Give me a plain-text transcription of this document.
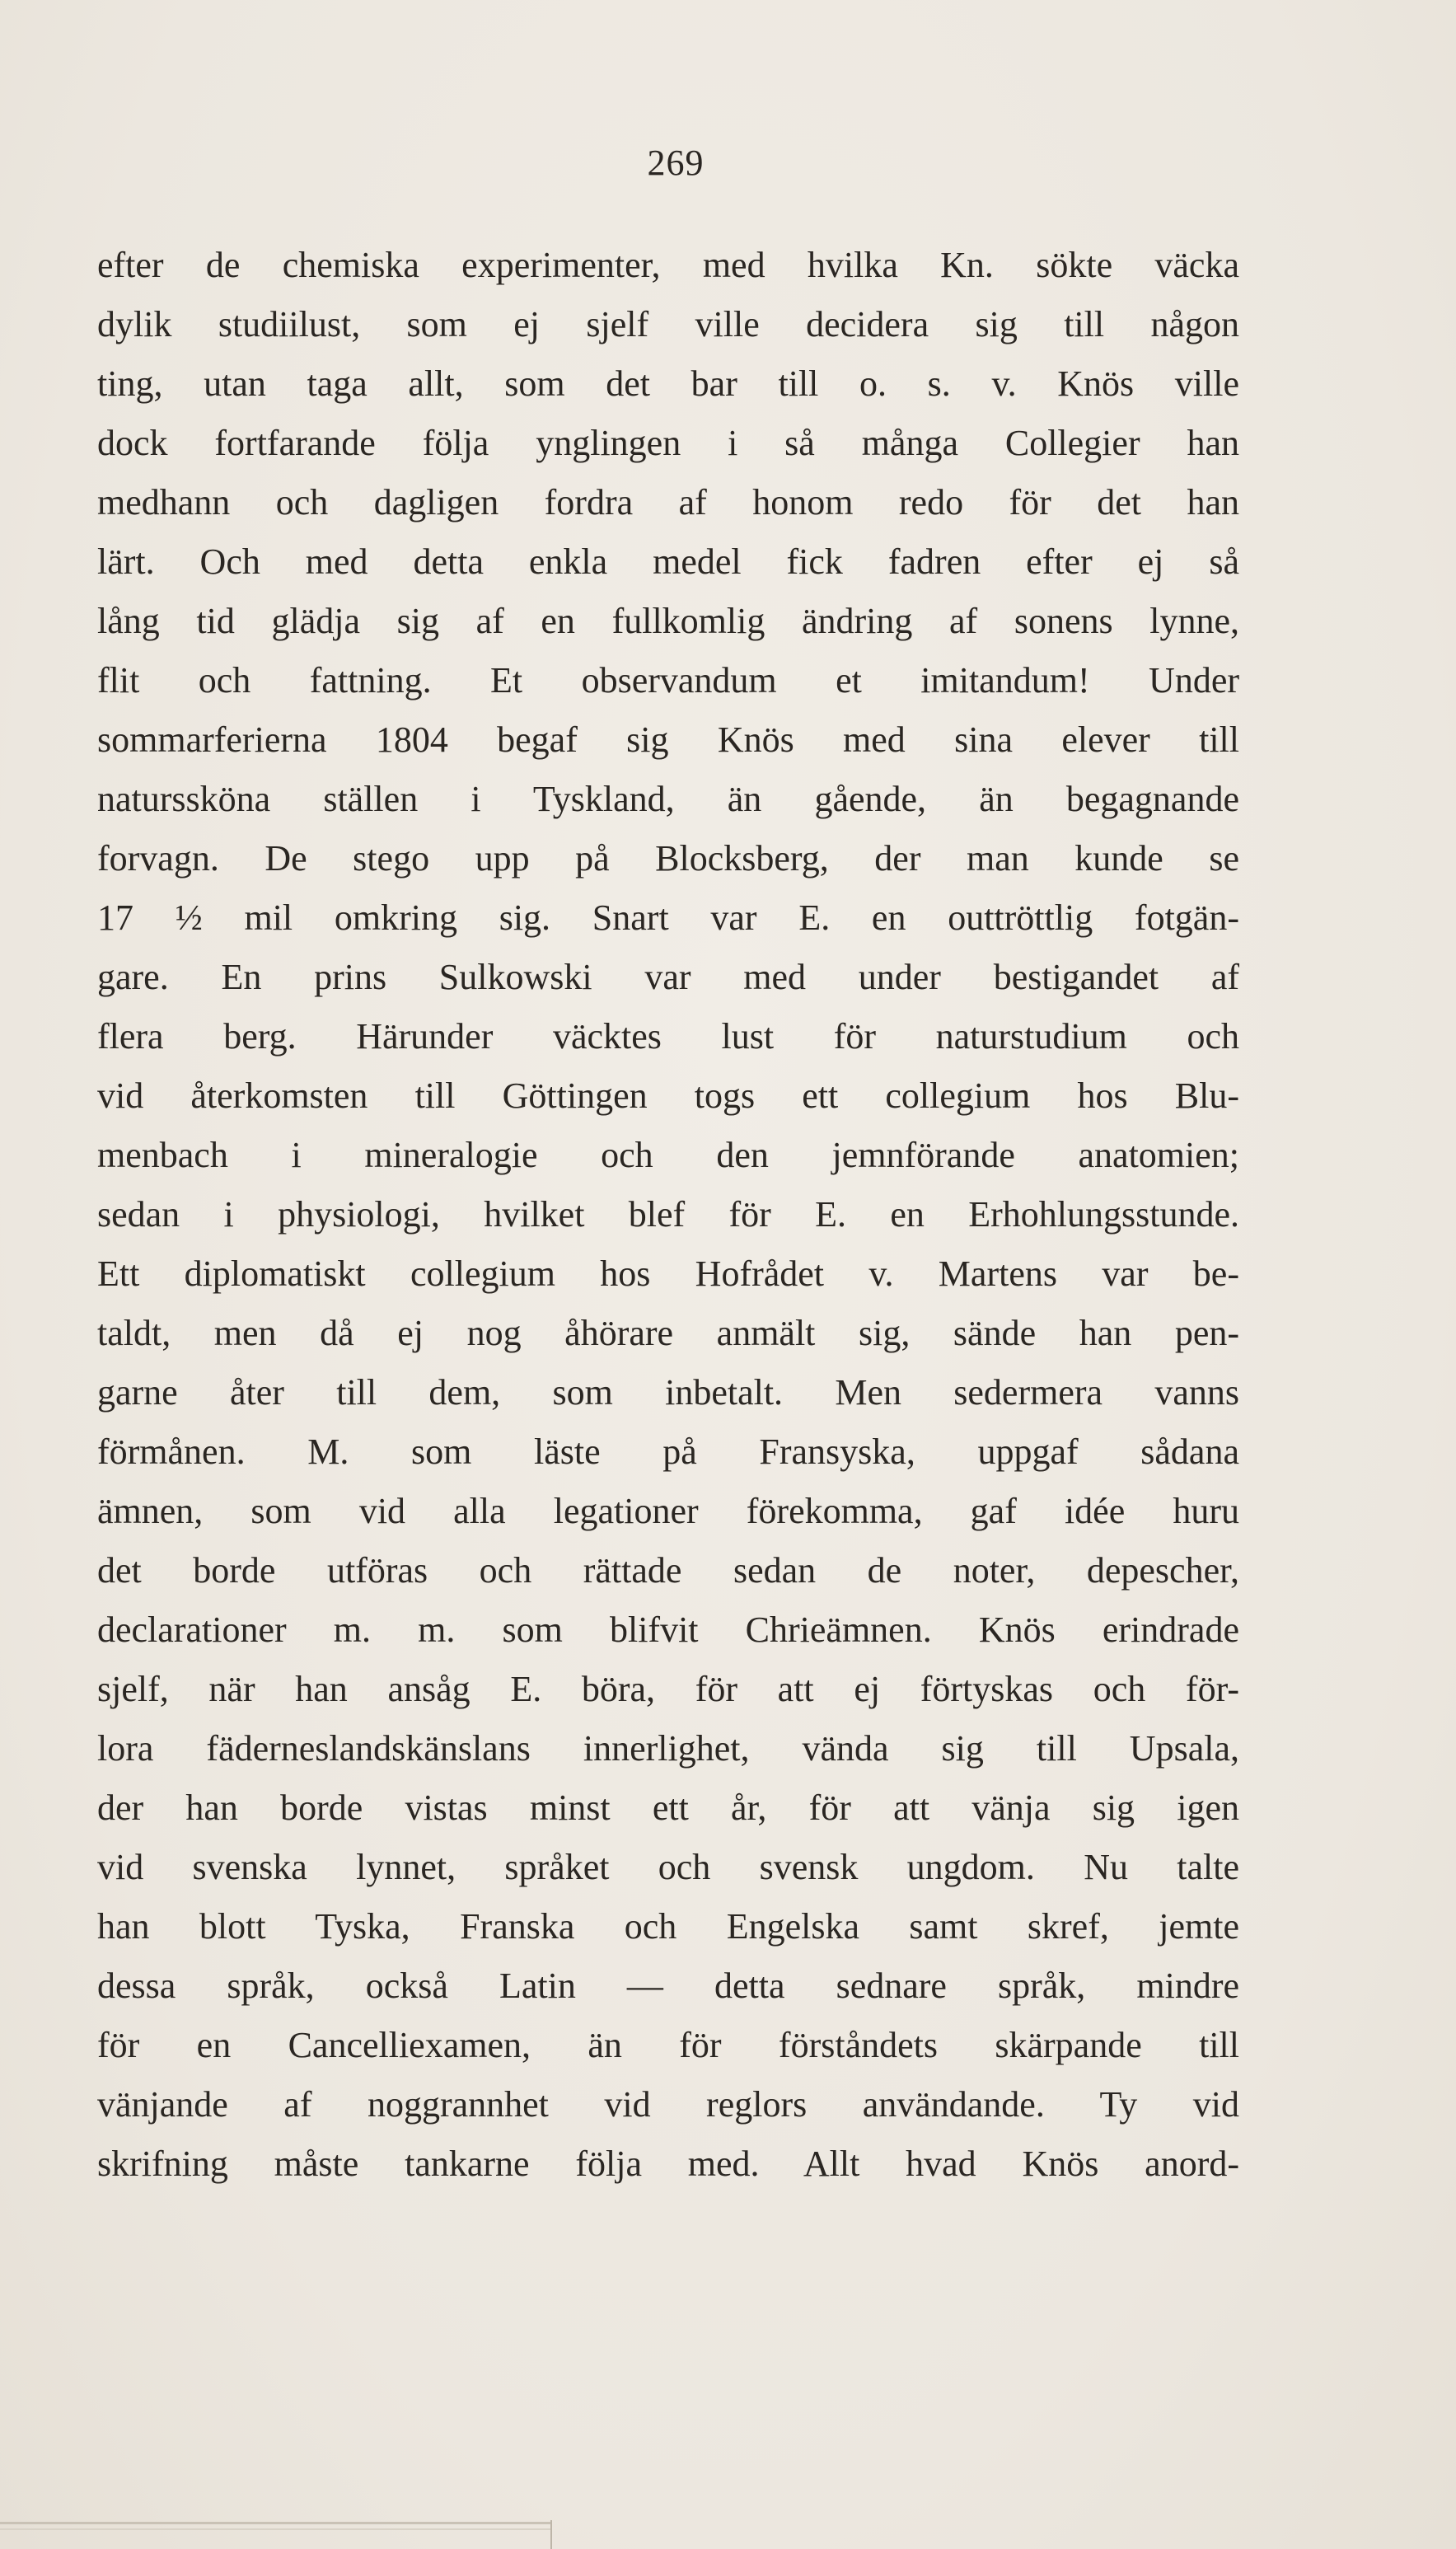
269
efter de chemiska experimenter, med hvilka Kn. sökte väcka
dylik studiilust, som ej sjelf ville decidera sig till någon
ting, utan taga allt, som det bar till o. s. v. Knös ville
dock fortfarande följa ynglingen i så många Collegier han
medhann och dagligen fordra af honom redo för det han
lärt. Och med detta enkla medel fick fadren efter ej så
lång tid glädja sig af en fullkomlig ändring af sonens lynne,
flit och fattning. Et observandum et imitandum! Under
sommarferierna 1804 begaf sig Knös med sina elever till
naturssköna ställen i Tyskland, än gående, än begagnande
forvagn. De stego upp på Blocksberg, der man kunde se
17 ½ mil omkring sig. Snart var E. en outtröttlig fotgän-
gare. En prins Sulkowski var med under bestigandet af
flera berg. Härunder väcktes lust för naturstudium och
vid återkomsten till Göttingen togs ett collegium hos Blu-
menbach i mineralogie och den jemnförande anatomien;
sedan i physiologi, hvilket blef för E. en Erhohlungsstunde.
Ett diplomatiskt collegium hos Hofrådet v. Martens var be-
taldt, men då ej nog åhörare anmält sig, sände han pen-
garne åter till dem, som inbetalt. Men sedermera vanns
förmånen. M. som läste på Fransyska, uppgaf sådana
ämnen, som vid alla legationer förekomma, gaf idée huru
det borde utföras och rättade sedan de noter, depescher,
declarationer m. m. som blifvit Chrieämnen. Knös erindrade
sjelf, när han ansåg E. böra, för att ej förtyskas och för-
lora fäderneslandskänslans innerlighet, vända sig till Upsala,
der han borde vistas minst ett år, för att vänja sig igen
vid svenska lynnet, språket och svensk ungdom. Nu talte
han blott Tyska, Franska och Engelska samt skref, jemte
dessa språk, också Latin — detta sednare språk, mindre
för en Cancelliexamen, än för förståndets skärpande till
vänjande af noggrannhet vid reglors användande. Ty vid
skrifning måste tankarne följa med. Allt hvad Knös anord-
